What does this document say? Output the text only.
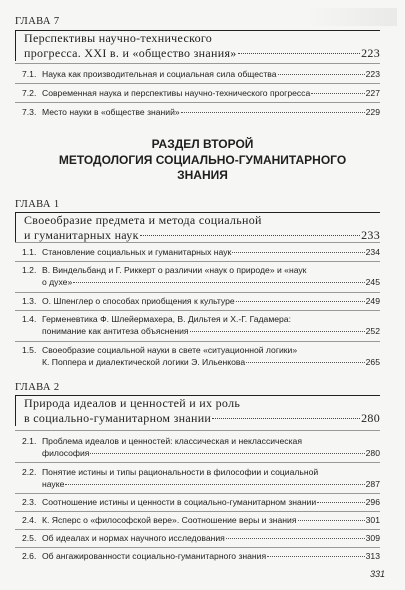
ГЛАВА 7
Перспективы научно-технического
прогресса. XXI в. и «общество знания»	223
7.1. Наука как производительная и социальная сила общества	223
7.2. Современная наука и перспективы научно-технического прогресса	227
7.3. Место науки в «обществе знаний»	229
РАЗДЕЛ ВТОРОЙ
МЕТОДОЛОГИЯ СОЦИАЛЬНО-ГУМАНИТАРНОГО
ЗНАНИЯ
ГЛАВА 1
Своеобразие предмета и метода социальной
и гуманитарных наук	233
1.1. Становление социальных и гуманитарных наук	234
1.2. В. Виндельбанд и Г. Риккерт о различии «наук о природе» и «наук
о духе»	245
1.3. О. Шпенглер о способах приобщения к культуре	249
1.4. Герменевтика Ф. Шлейермахера, В. Дильтея и Х.-Г. Гадамера:
понимание как антитеза объяснения	252
1.5. Своеобразие социальной науки в свете «ситуационной логики»
К. Поппера и диалектической логики Э. Ильенкова	265
ГЛАВА 2
Природа идеалов и ценностей и их роль
в социально-гуманитарном знании	280
2.1. Проблема идеалов и ценностей: классическая и неклассическая
философия	280
2.2. Понятие истины и типы рациональности в философии и социальной
науке	287
2.3. Соотношение истины и ценности в социально-гуманитарном знании	296
2.4. К. Ясперс о «философской вере». Соотношение веры и знания	301
2.5. Об идеалах и нормах научного исследования	309
2.6. Об ангажированности социально-гуманитарного знания	313
331
